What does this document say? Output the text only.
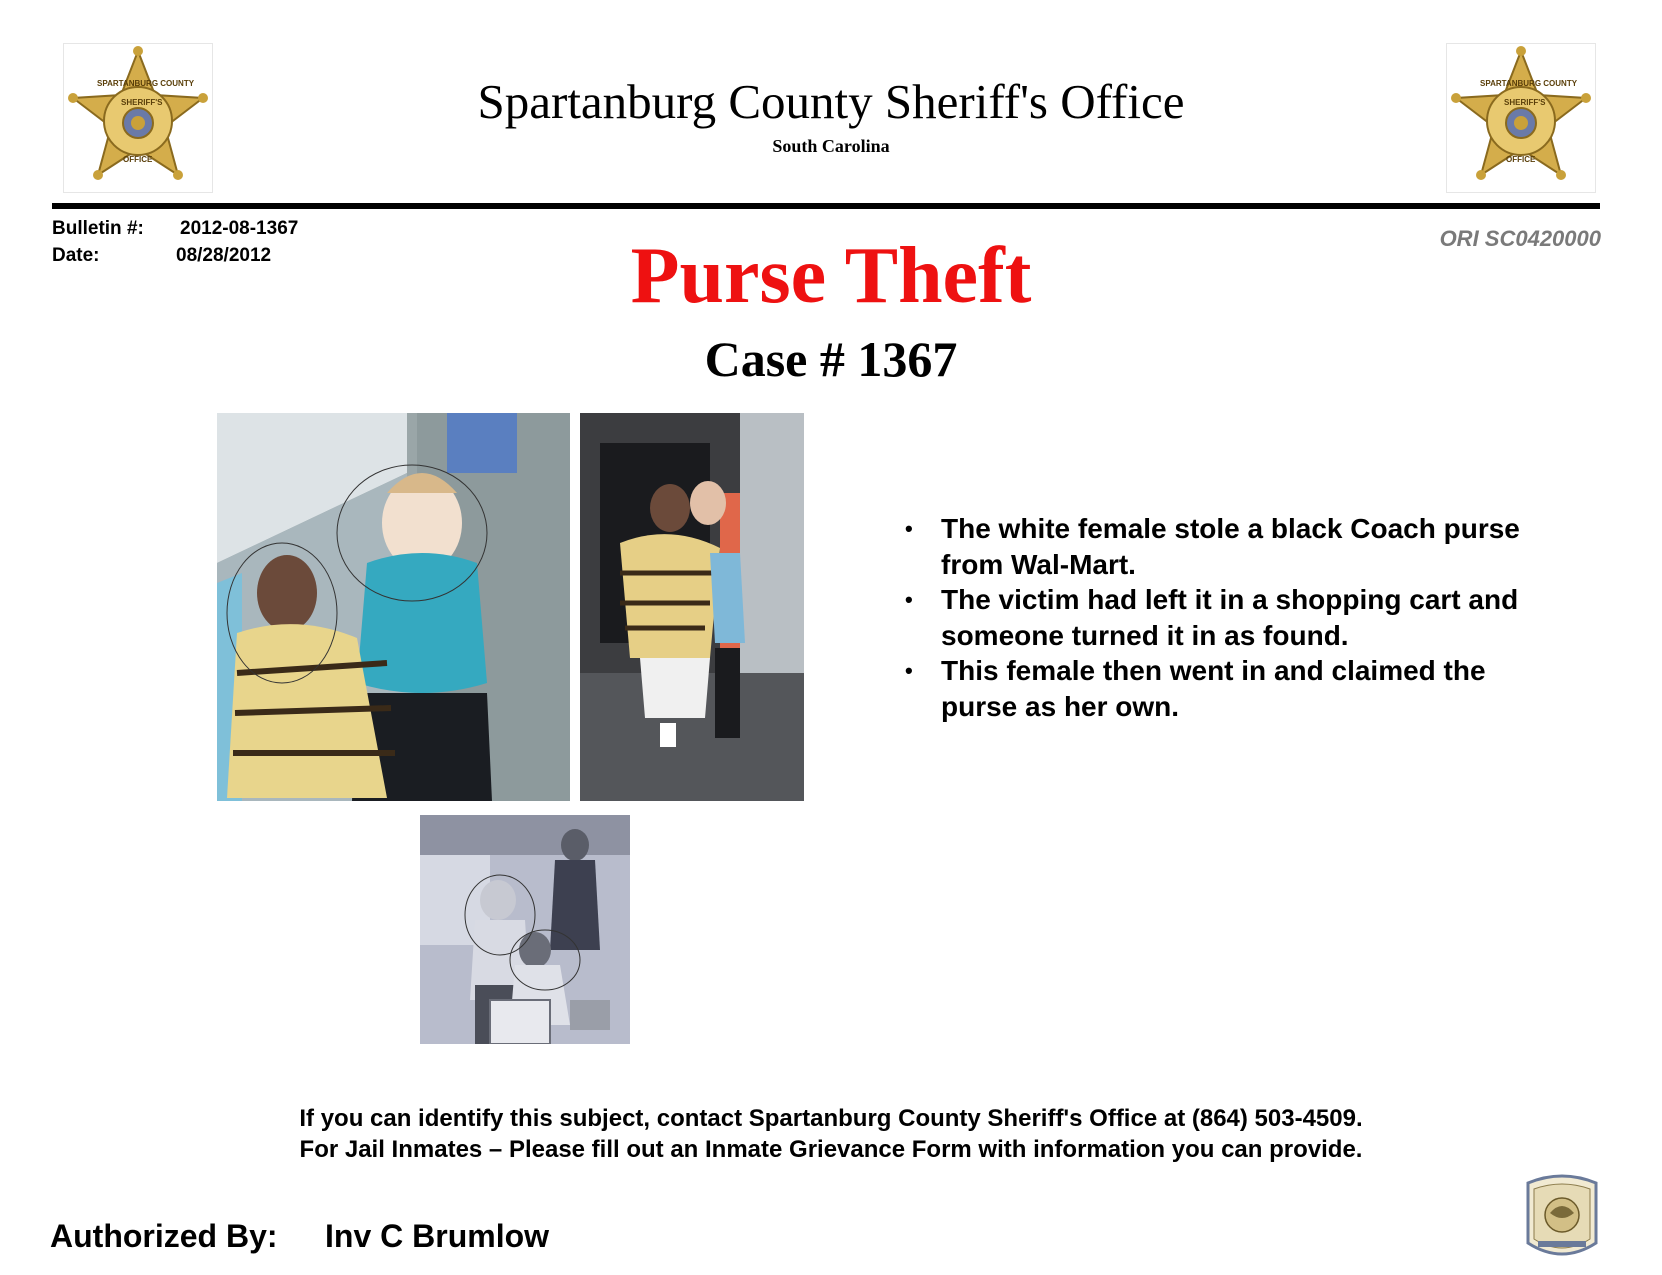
SPARTANBURG COUNTY
SHERIFF'S
OFFICE
SPARTANBURG COUNTY
SHERIFF'S
OFFICE
Spartanburg County Sheriff's Office
South Carolina
Bulletin #: 2012-08-1367
Date:	08/28/2012
ORI SC0420000
Purse Theft
Case # 1367
• The white female stole a black Coach purse from Wal-Mart.
• The victim had left it in a shopping cart and someone turned it in as found.
• This female then went in and claimed the purse as her own.
If you can identify this subject, contact Spartanburg County Sheriff's Office at (864) 503-4509.
For Jail Inmates – Please fill out an Inmate Grievance Form with information you can provide.
Authorized By: Inv C Brumlow
